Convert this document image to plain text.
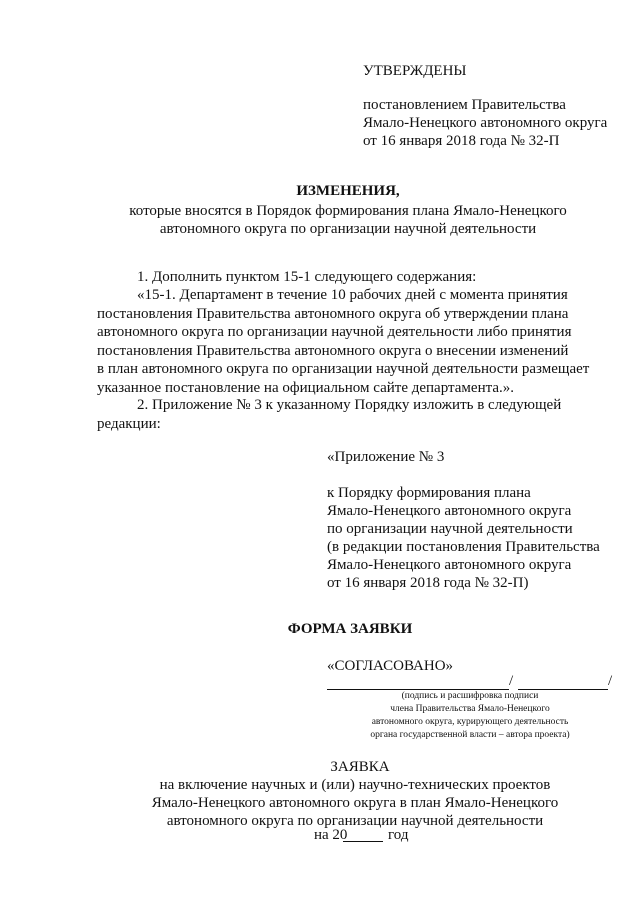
УТВЕРЖДЕНЫ
постановлением Правительства
Ямало-Ненецкого автономного округа
от 16 января 2018 года № 32-П
ИЗМЕНЕНИЯ,
которые вносятся в Порядок формирования плана Ямало-Ненецкого
автономного округа по организации научной деятельности
1. Дополнить пунктом 15-1 следующего содержания:
«15-1. Департамент в течение 10 рабочих дней с момента принятия
постановления Правительства автономного округа об утверждении плана
автономного округа по организации научной деятельности либо принятия
постановления Правительства автономного округа о внесении изменений
в план автономного округа по организации научной деятельности размещает
указанное постановление на официальном сайте департамента.».
2. Приложение № 3 к указанному Порядку изложить в следующей
редакции:
«Приложение № 3
к Порядку формирования плана
Ямало-Ненецкого автономного округа
по организации научной деятельности
(в редакции постановления Правительства
Ямало-Ненецкого автономного округа
от 16 января 2018 года № 32-П)
ФОРМА ЗАЯВКИ
«СОГЛАСОВАНО»
/	/
(подпись и расшифровка подписи
члена Правительства Ямало-Ненецкого
автономного округа, курирующего деятельность
органа государственной власти – автора проекта)
ЗАЯВКА
на включение научных и (или) научно-технических проектов
Ямало-Ненецкого автономного округа в план Ямало-Ненецкого
автономного округа по организации научной деятельности
на 20	год
